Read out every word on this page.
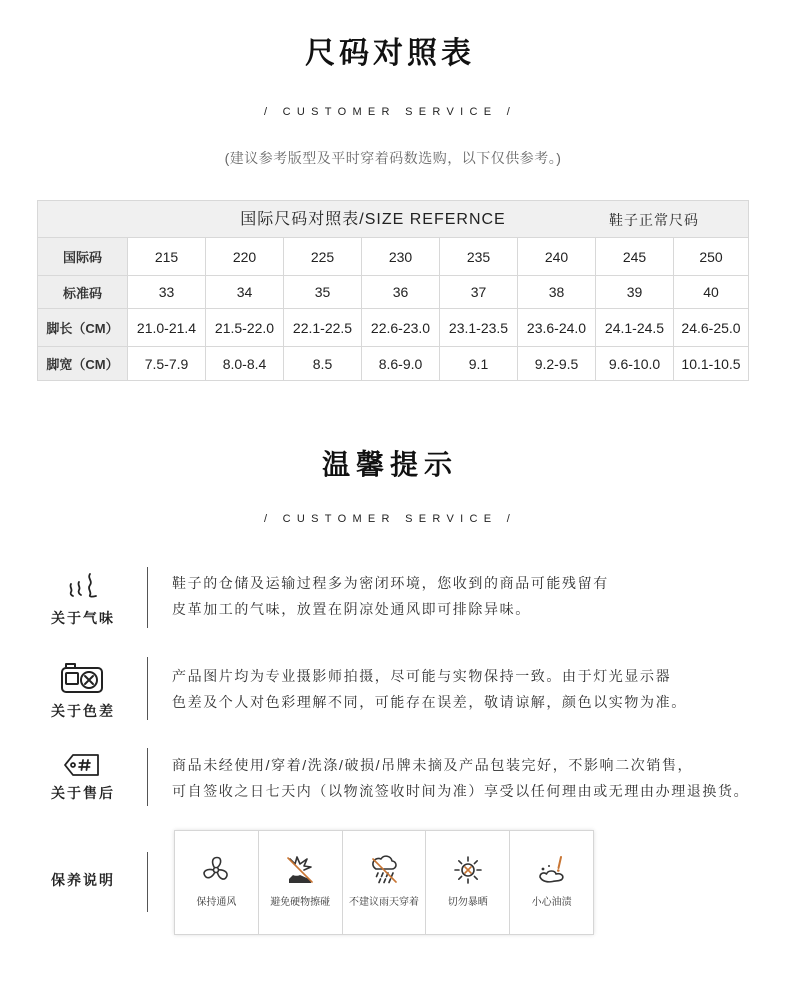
尺码对照表
/ CUSTOMER SERVICE /
(建议参考版型及平时穿着码数选购，以下仅供参考。)
国际尺码对照表/SIZE REFERNCE 鞋子正常尺码								

国际码	215	220	225	230	235	240	245	250
标准码	33	34	35	36	37	38	39	40
脚长（CM）	21.0-21.4	21.5-22.0	22.1-22.5	22.6-23.0	23.1-23.5	23.6-24.0	24.1-24.5	24.6-25.0
脚宽（CM）	7.5-7.9	8.0-8.4	8.5	8.6-9.0	9.1	9.2-9.5	9.6-10.0	10.1-10.5
温馨提示
/ CUSTOMER SERVICE /
关于气味
鞋子的仓储及运输过程多为密闭环境，您收到的商品可能残留有
皮革加工的气味，放置在阴凉处通风即可排除异味。
关于色差
产品图片均为专业摄影师拍摄，尽可能与实物保持一致。由于灯光显示器
色差及个人对色彩理解不同，可能存在误差，敬请谅解，颜色以实物为准。
关于售后
商品未经使用/穿着/洗涤/破损/吊牌未摘及产品包装完好，不影响二次销售，
可自签收之日七天内（以物流签收时间为准）享受以任何理由或无理由办理退换货。
保养说明
保持通风	避免硬物擦碰	不建议雨天穿着	切勿暴晒	小心油渍
